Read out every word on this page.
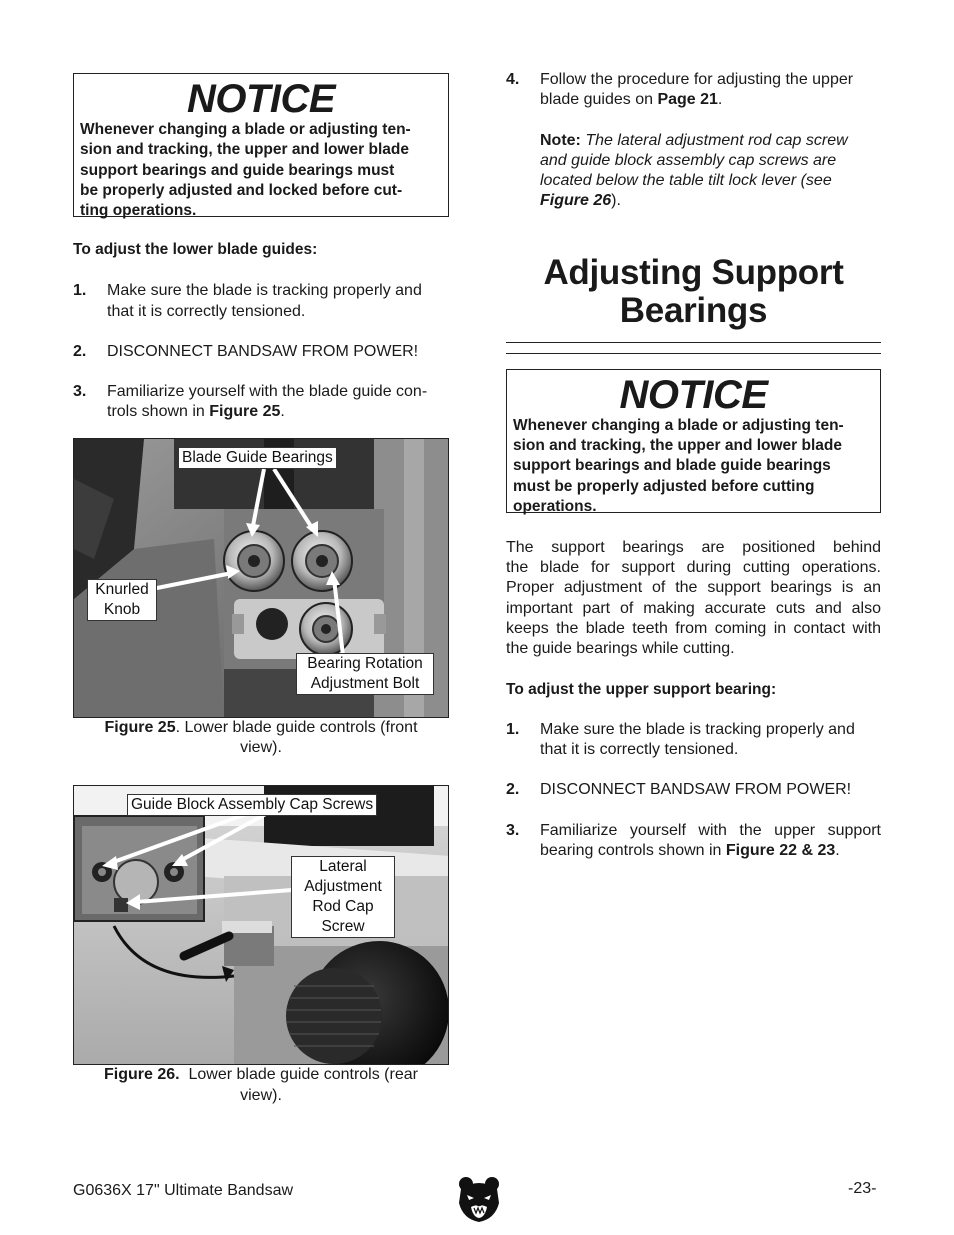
NOTICE
Whenever changing a blade or adjusting ten-
sion and tracking, the upper and lower blade
support bearings and guide bearings must
be properly adjusted and locked before cut-
ting operations.
To adjust the lower blade guides:
1.	Make sure the blade is tracking properly and
that it is correctly tensioned.
2.	DISCONNECT BANDSAW FROM POWER!
3.	Familiarize yourself with the blade guide con-
trols shown in Figure 25.
Blade Guide Bearings
Knurled
Knob
Bearing Rotation
Adjustment Bolt
Figure 25. Lower blade guide controls (front
view).
Guide Block Assembly Cap Screws
Lateral
Adjustment
Rod Cap
Screw
Figure 26.  Lower blade guide controls (rear
view).
4.	Follow the procedure for adjusting the upper
blade guides on Page 21.
Note: The lateral adjustment rod cap screw
and guide block assembly cap screws are
located below the table tilt lock lever (see
Figure 26).
Adjusting Support
Bearings
NOTICE
Whenever changing a blade or adjusting ten-
sion and tracking, the upper and lower blade
support bearings and blade guide bearings
must be properly adjusted before cutting
operations.
The support bearings are positioned behind
the blade for support during cutting operations.
Proper adjustment of the support bearings is an
important part of making accurate cuts and also
keeps the blade teeth from coming in contact with
the guide bearings while cutting.
To adjust the upper support bearing:
1.	Make sure the blade is tracking properly and
that it is correctly tensioned.
2.	DISCONNECT BANDSAW FROM POWER!
3.	Familiarize yourself with the upper support
bearing controls shown in Figure 22 & 23.
G0636X 17" Ultimate Bandsaw	-23-
